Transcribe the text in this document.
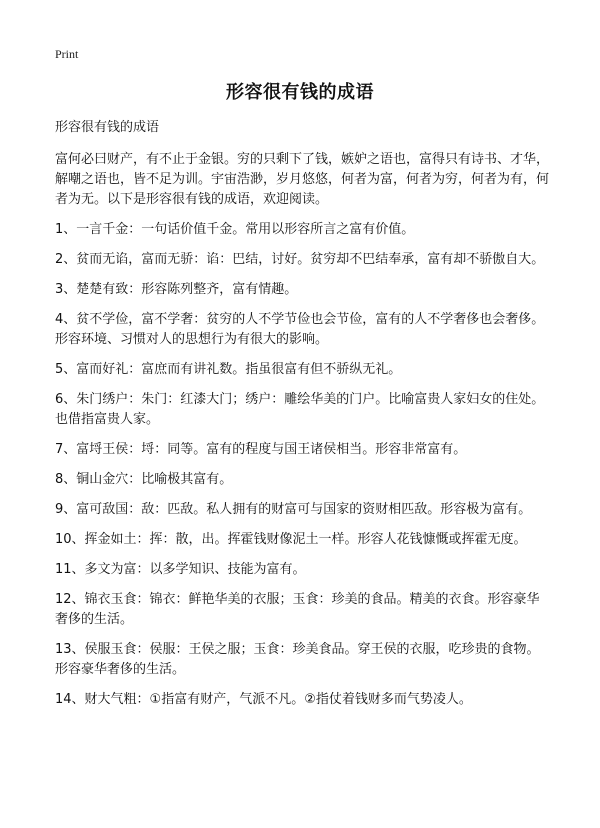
Print
形容很有钱的成语
形容很有钱的成语
富何必曰财产，有不止于金银。穷的只剩下了钱，嫉妒之语也，富得只有诗书、才华，解嘲之语也，皆不足为训。宇宙浩渺，岁月悠悠，何者为富，何者为穷，何者为有，何者为无。以下是形容很有钱的成语，欢迎阅读。
1、一言千金：一句话价值千金。常用以形容所言之富有价值。
2、贫而无谄，富而无骄：谄：巴结，讨好。贫穷却不巴结奉承，富有却不骄傲自大。
3、楚楚有致：形容陈列整齐，富有情趣。
4、贫不学俭，富不学奢：贫穷的人不学节俭也会节俭，富有的人不学奢侈也会奢侈。形容环境、习惯对人的思想行为有很大的影响。
5、富而好礼：富庶而有讲礼数。指虽很富有但不骄纵无礼。
6、朱门绣户：朱门：红漆大门；绣户：雕绘华美的门户。比喻富贵人家妇女的住处。也借指富贵人家。
7、富埒王侯：埒：同等。富有的程度与国王诸侯相当。形容非常富有。
8、铜山金穴：比喻极其富有。
9、富可敌国：敌：匹敌。私人拥有的财富可与国家的资财相匹敌。形容极为富有。
10、挥金如土：挥：散，出。挥霍钱财像泥土一样。形容人花钱慷慨或挥霍无度。
11、多文为富：以多学知识、技能为富有。
12、锦衣玉食：锦衣：鲜艳华美的衣服；玉食：珍美的食品。精美的衣食。形容豪华奢侈的生活。
13、侯服玉食：侯服：王侯之服；玉食：珍美食品。穿王侯的衣服，吃珍贵的食物。形容豪华奢侈的生活。
14、财大气粗：①指富有财产，气派不凡。②指仗着钱财多而气势凌人。
